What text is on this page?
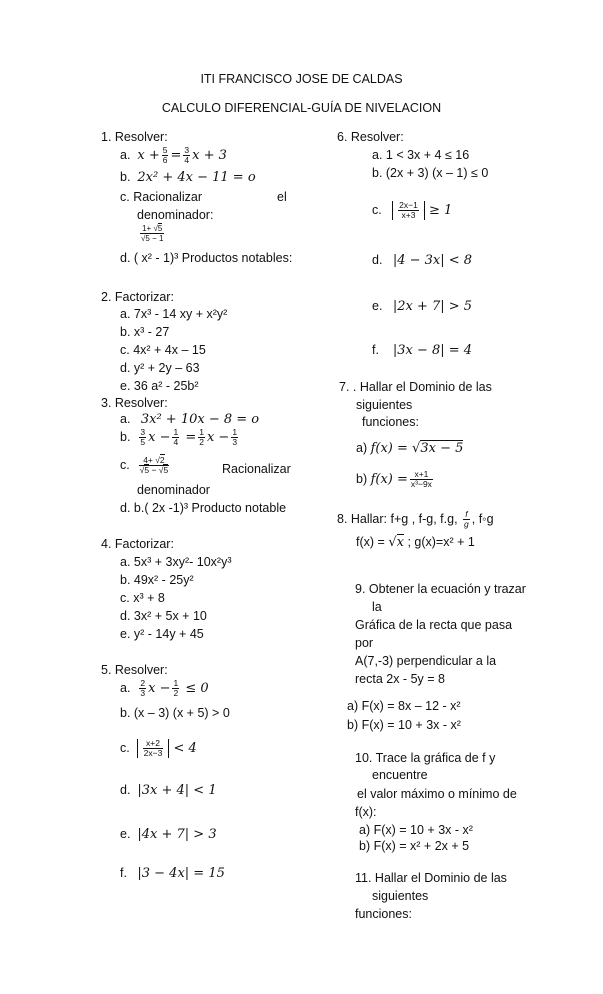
ITI FRANCISCO JOSE DE CALDAS
CALCULO DIFERENCIAL-GUÍA DE NIVELACION
1. Resolver:
a. $x + \frac{5}{6} = \frac{3}{4}$ x + 3
b. 2x² + 4x − 11 = o
c. Racionalizar	el
denominador:
$\frac{1+ √5}{√5 - 1}$
d. ( x² - 1)³ Productos notables:
2. Factorizar:
a. 7x³ - 14 xy + x²y²
b. x³ - 27
c. 4x² + 4x – 15
d. y² + 2y – 63
e. 36 a² - 25b²
3. Resolver:
a.   3x² + 10x − 8 = o
b. $\frac{3}{5}$ $x - \frac{1}{4} = \frac{1}{2}$ $x - \frac{1}{3}$
c. $\frac{4+ √2}{√5 - √5}$	Racionalizar
denominador
d. b.( 2x -1)³ Producto notable
4. Factorizar:
a. 5x³ + 3xy²- 10x²y³
b. 49x² - 25y²
c. x³ + 8
d. 3x² + 5x + 10
e. y² - 14y + 45
5. Resolver:
a. $\frac{2}{3}$ $x - \frac{1}{2} \le 0$
b. (x – 3) (x + 5) > 0
c. $\frac{x+2}{2x-3} < 4$
d.  |3x + 4| < 1
e.  |4x + 7| > 3
f.   |3 − 4x| = 15
6. Resolver:
a. 1 < 3x + 4 ≤ 16
b. (2x + 3) (x – 1) ≤ 0
c. $\frac{2x-1}{x+3} \ge 1$
d.   |4 − 3x| < 8
e.   |2x + 7| > 5
f.    |3x − 8| = 4
7. . Hallar el Dominio de las
siguientes
funciones:
a) f(x) = √3x − 5
b) $f(x) = \frac{x+1}{\text{x³−9x}}$
8. Hallar: f+g , f-g, f.g, $\frac{f}{g}$ , f◦g
f(x) = √x ; g(x)=x² + 1
9. Obtener la ecuación y trazar
la
Gráfica de la recta que pasa
por
A(7,-3) perpendicular a la
recta 2x - 5y = 8
a) F(x) = 8x – 12 - x²
b) F(x) = 10 + 3x - x²
10. Trace la gráfica de f y
encuentre
el valor máximo o mínimo de
f(x):
a) F(x) = 10 + 3x - x²
b) F(x) = x² + 2x + 5
11. Hallar el Dominio de las
siguientes
funciones:
